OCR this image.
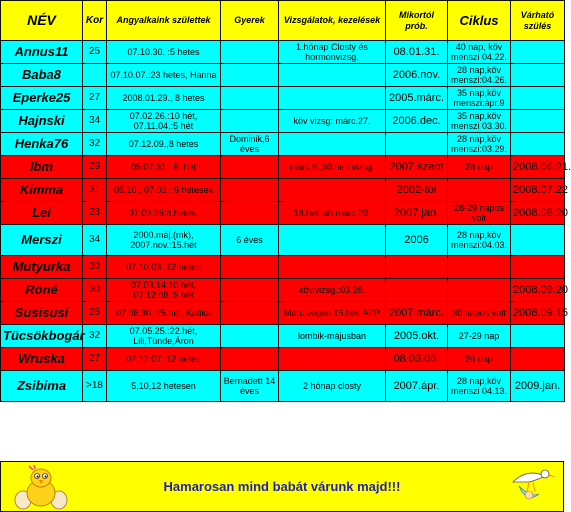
NÉV	Kor	Angyalkaink születtek	Gyerek	Vizsgálatok, kezelések	Mikortól prób.	Ciklus	Várható szülés
Annus11	25	07.10.30. :5 hetes		1.hónap Closty és hormonvizsg.	08.01.31.	40 nap, köv menszi 04.22.	
Baba8		07.10.07.:23 hetes, Hanna			2006.nov.	28 nap,köv menszi:04.26.	
Eperke25	27	2008.01.29., 8 hetes			2005.márc.	35 nap,köv menszi:ápr.9	
Hajnski	34	07.02.26.:10 hét, 07.11.04.:5 hét		köv vizsg: márc.27.	2006.dec.	35 nap,köv menszi 03.30.	
Henka76	32	07.12.09.,8 hetes	Dominik,6 éves			28 nap,köv menszi:03.29.	
Ibm	29	05.07.31.: 9. hét		márc.9.,30.heti vizsg.	2007.szept	28 nap	2008.06.21.
Kimma	31	05.10., 07.03.: 9 hetesek			2002-től		2008.07.22
Lei	28	07.09.26:8.hetes.		18.heti uh:márc.20.	2007.jan.	28-29 napos volt	2008.08.20
Merszi	34	2000.máj.(mk), 2007.nov.:15.hét	6 éves		2006	28 nap,köv menszi:04.03.	
Mutyurka	30	07.10.03.:12 hetes					
Röné	30	07.03.14:10.hét, 07.12.08.:5.hét		köv.vizsg.:03.28.			2008.09.20
Susisusi	25	07.08.30.:25.hét, Katika		Márc.végén 16.heti AFP	2007.márc.	30 napos volt	2008.09.15
Tücsökbogár	32	07.05.25.:22.hét, Lili,Tünde,Áron		lombik-májusban	2005.okt.	27-29 nap	
Wruska	27	07.12.07.:12 hetes			08.03.06.	26 nap	
Zsibima	>18	5,10,12 hetesen	Bernadett 14 éves	2 hónap closty	2007.ápr.	28 nap,köv menszi 04.13.	2009.jan.
Hamarosan mind babát várunk majd!!!
